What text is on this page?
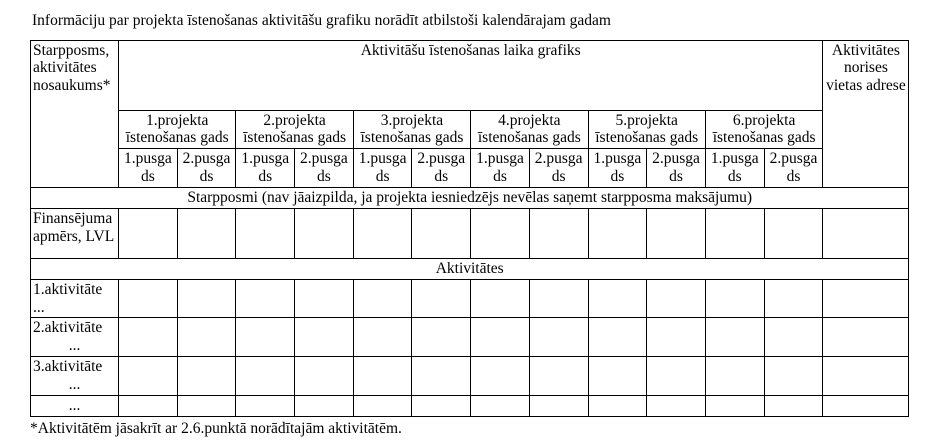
Informāciju par projekta īstenošanas aktivitāšu grafiku norādīt atbilstoši kalendārajam gadam

Starpposms, aktivitātes nosaukums*	Aktivitāšu īstenošanas laika grafiks												Aktivitātes norises vietas adrese
	1.projekta īstenošanas gads		2.projekta īstenošanas gads		3.projekta īstenošanas gads		4.projekta īstenošanas gads		5.projekta īstenošanas gads		6.projekta īstenošanas gads		
	1.pusgads	2.pusgads	1.pusgads	2.pusgads	1.pusgads	2.pusgads	1.pusgads	2.pusgads	1.pusgads	2.pusgads	1.pusgads	2.pusgads	
Starpposmi (nav jāaizpilda, ja projekta iesniedzējs nevēlas saņemt starpposma maksājumu)													
Finansējuma apmērs, LVL													
Aktivitātes													

1.aktivitāte
...													

2.aktivitāte
...													

3.aktivitāte
...													

...													

*Aktivitātēm jāsakrīt ar 2.6.punktā norādītajām aktivitātēm.
